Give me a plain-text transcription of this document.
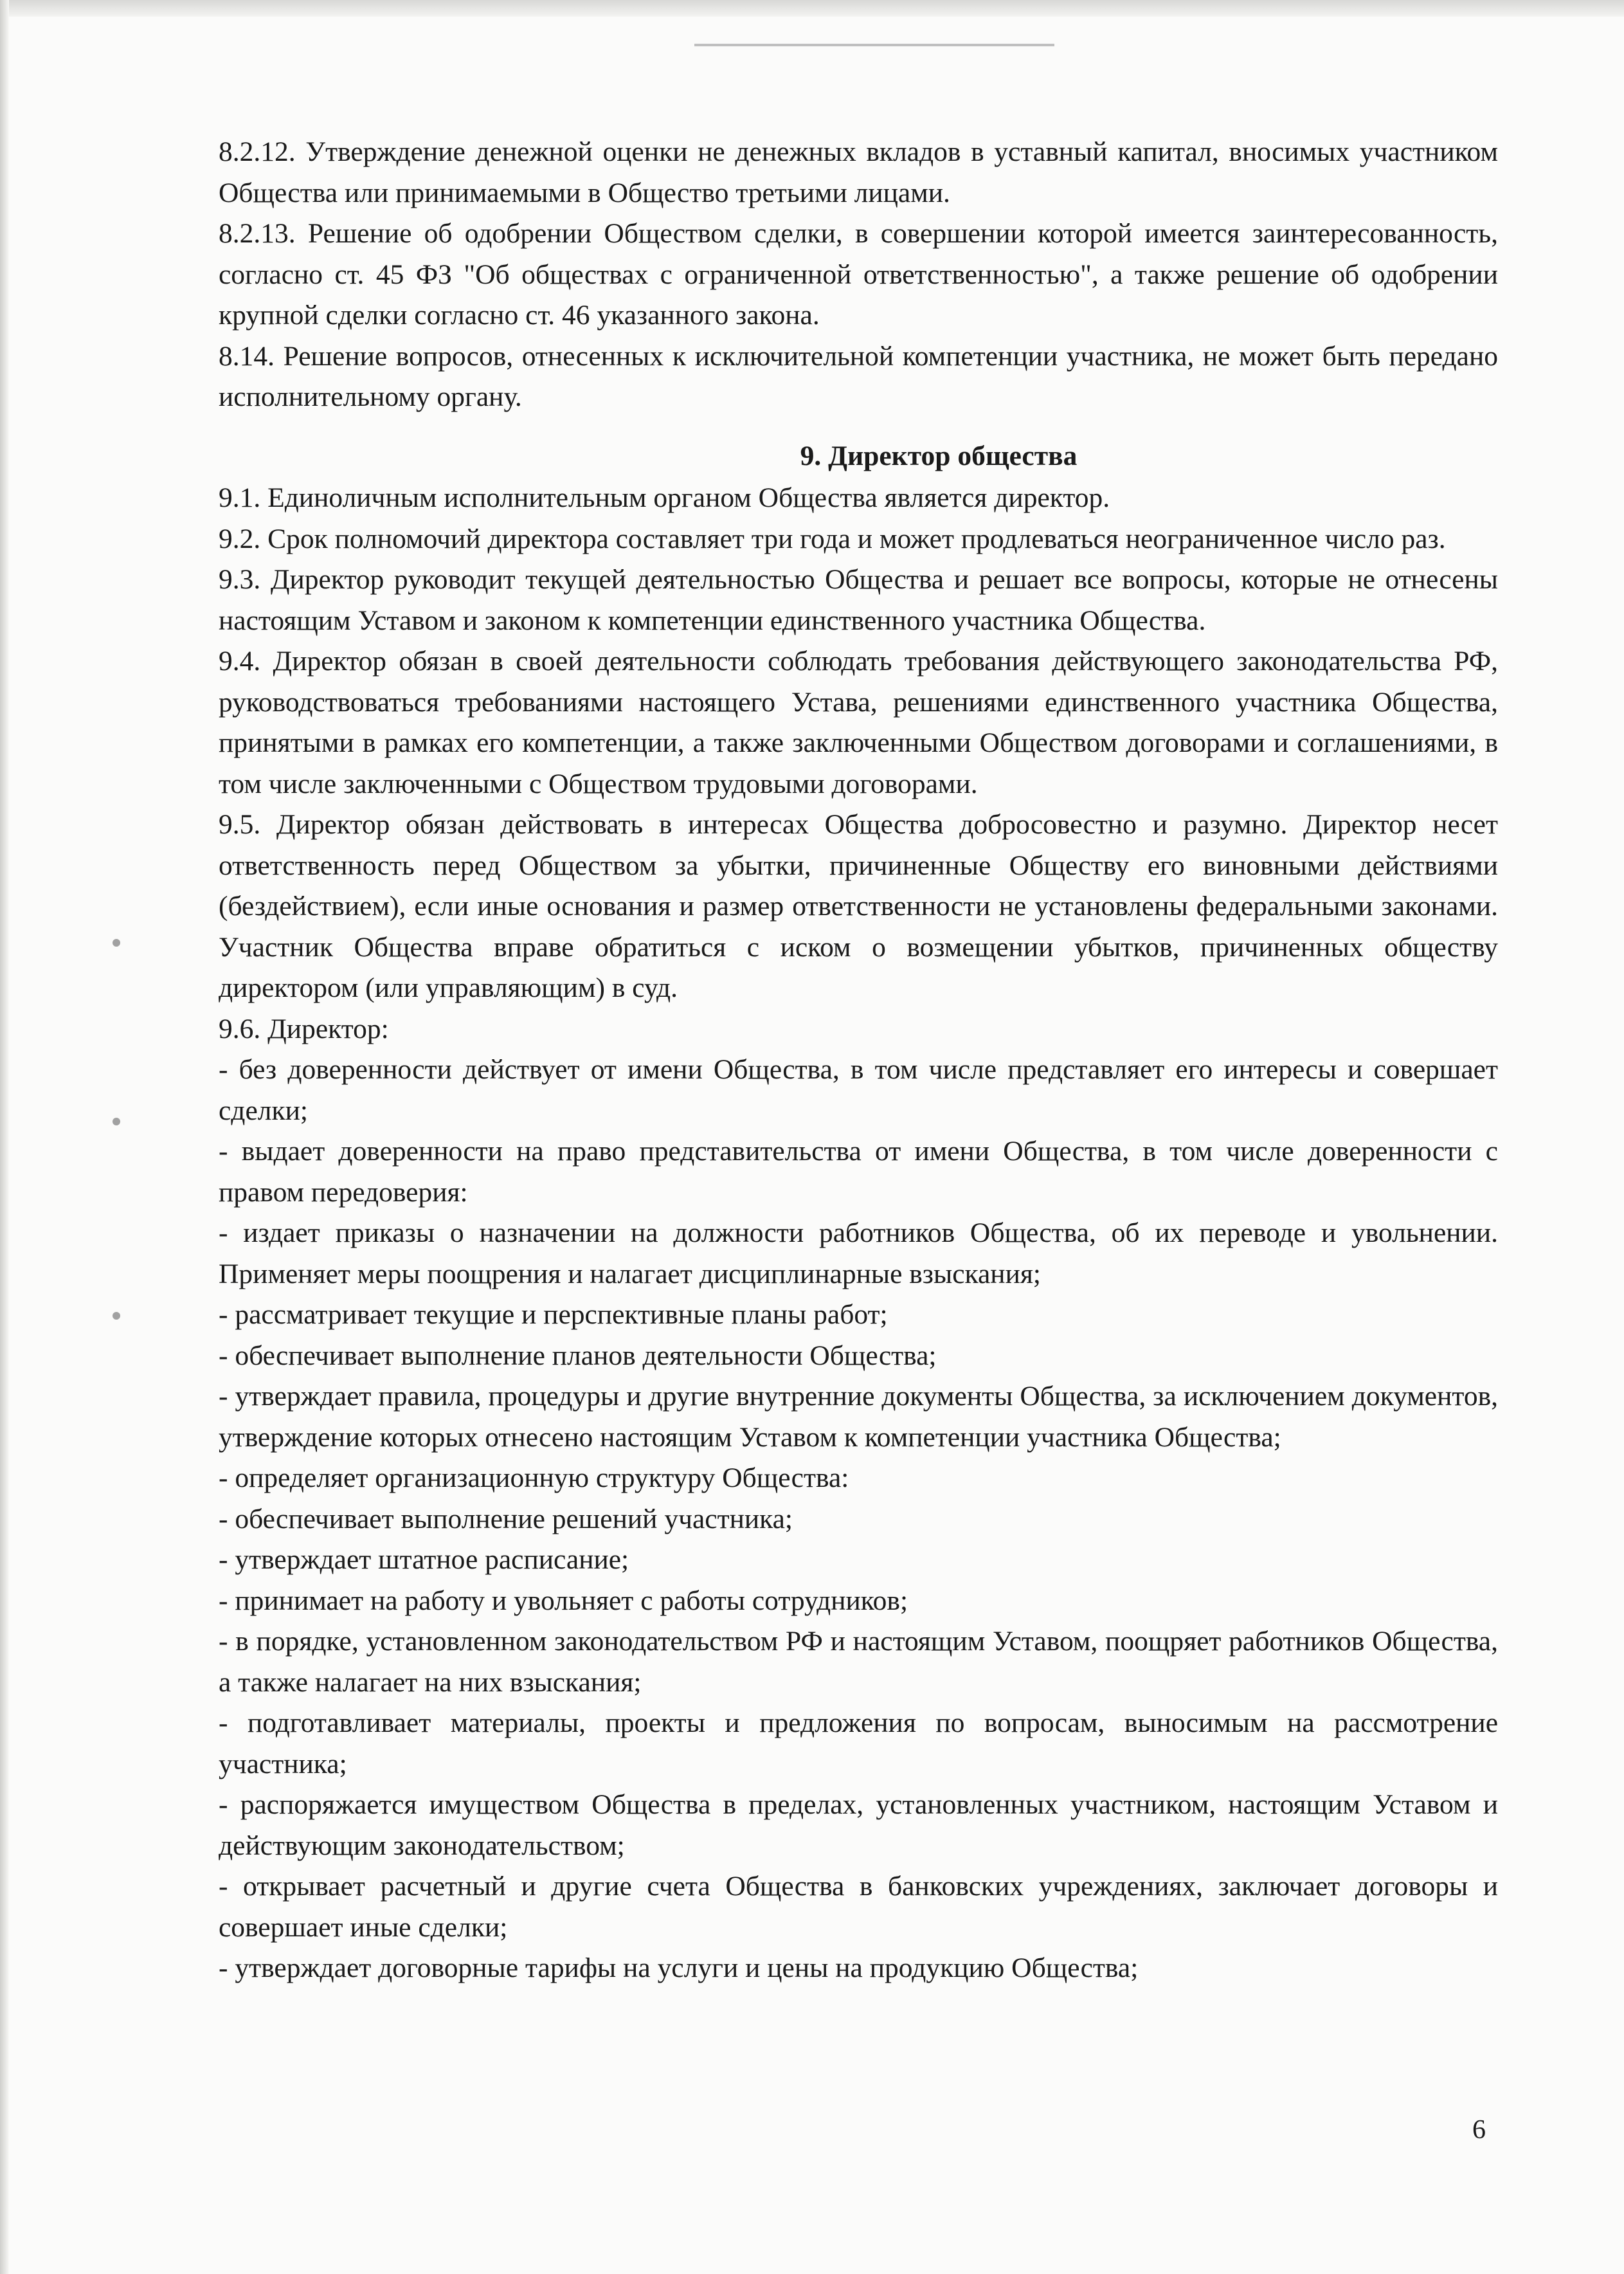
8.2.12. Утверждение денежной оценки не денежных вкладов в уставный капитал, вносимых участником Общества или принимаемыми в Общество третьими лицами.

8.2.13. Решение об одобрении Обществом сделки, в совершении которой имеется заинтересованность, согласно ст. 45 ФЗ "Об обществах с ограниченной ответственностью", а также решение об одобрении крупной сделки согласно ст. 46 указанного закона.

8.14. Решение вопросов, отнесенных к исключительной компетенции участника, не может быть передано исполнительному органу.

9. Директор общества

9.1. Единоличным исполнительным органом Общества является директор.

9.2. Срок полномочий директора составляет три года и может продлеваться неограниченное число раз.

9.3. Директор руководит текущей деятельностью Общества и решает все вопросы, которые не отнесены настоящим Уставом и законом к компетенции единственного участника Общества.

9.4. Директор обязан в своей деятельности соблюдать требования действующего законодательства РФ, руководствоваться требованиями настоящего Устава, решениями единственного участника Общества, принятыми в рамках его компетенции, а также заключенными Обществом договорами и соглашениями, в том числе заключенными с Обществом трудовыми договорами.

9.5. Директор обязан действовать в интересах Общества добросовестно и разумно. Директор несет ответственность перед Обществом за убытки, причиненные Обществу его виновными действиями (бездействием), если иные основания и размер ответственности не установлены федеральными законами. Участник Общества вправе обратиться с иском о возмещении убытков, причиненных обществу директором (или управляющим) в суд.

9.6. Директор:

- без доверенности действует от имени Общества, в том числе представляет его интересы и совершает сделки;
- выдает доверенности на право представительства от имени Общества, в том числе доверенности с правом передоверия:
- издает приказы о назначении на должности работников Общества, об их переводе и увольнении. Применяет меры поощрения и налагает дисциплинарные взыскания;
- рассматривает текущие и перспективные планы работ;
- обеспечивает выполнение планов деятельности Общества;
- утверждает правила, процедуры и другие внутренние документы Общества, за исключением документов, утверждение которых отнесено настоящим Уставом к компетенции участника Общества;
- определяет организационную структуру Общества:
- обеспечивает выполнение решений участника;
- утверждает штатное расписание;
- принимает на работу и увольняет с работы сотрудников;
- в порядке, установленном законодательством РФ и настоящим Уставом, поощряет работников Общества, а также налагает на них взыскания;
- подготавливает материалы, проекты и предложения по вопросам, выносимым на рассмотрение участника;
- распоряжается имуществом Общества в пределах, установленных участником, настоящим Уставом и действующим законодательством;
- открывает расчетный и другие счета Общества в банковских учреждениях, заключает договоры и совершает иные сделки;
- утверждает договорные тарифы на услуги и цены на продукцию Общества;
6
